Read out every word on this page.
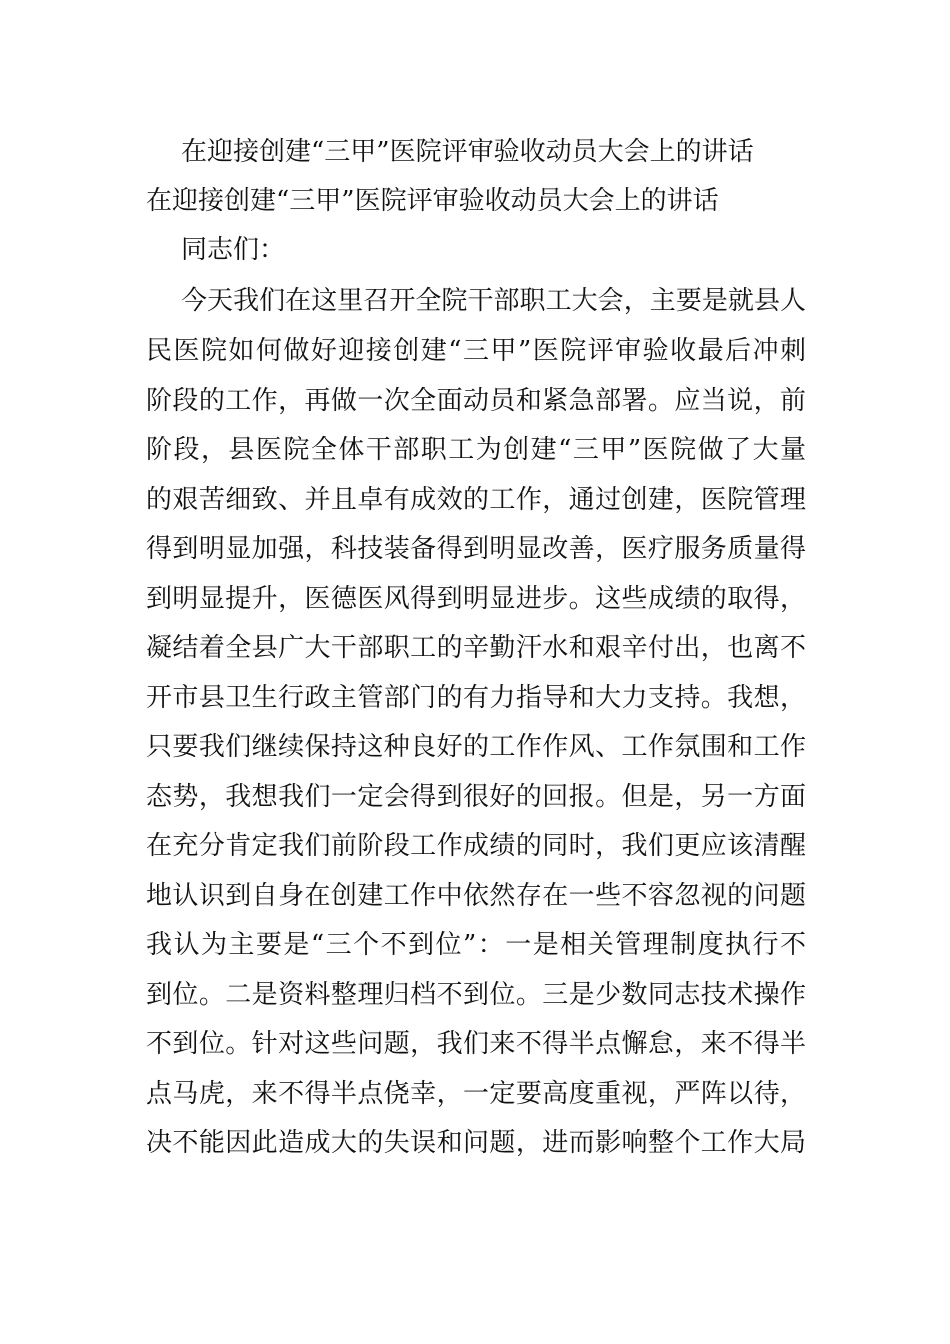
在迎接创建“三甲”医院评审验收动员大会上的讲话
在迎接创建“三甲”医院评审验收动员大会上的讲话
同志们：
今天我们在这里召开全院干部职工大会，主要是就县人
民医院如何做好迎接创建“三甲”医院评审验收最后冲刺
阶段的工作，再做一次全面动员和紧急部署。应当说，前
阶段，县医院全体干部职工为创建“三甲”医院做了大量
的艰苦细致、并且卓有成效的工作，通过创建，医院管理
得到明显加强，科技装备得到明显改善，医疗服务质量得
到明显提升，医德医风得到明显进步。这些成绩的取得，
凝结着全县广大干部职工的辛勤汗水和艰辛付出，也离不
开市县卫生行政主管部门的有力指导和大力支持。我想，
只要我们继续保持这种良好的工作作风、工作氛围和工作
态势，我想我们一定会得到很好的回报。但是，另一方面
在充分肯定我们前阶段工作成绩的同时，我们更应该清醒
地认识到自身在创建工作中依然存在一些不容忽视的问题
我认为主要是“三个不到位”：一是相关管理制度执行不
到位。二是资料整理归档不到位。三是少数同志技术操作
不到位。针对这些问题，我们来不得半点懈怠，来不得半
点马虎，来不得半点侥幸，一定要高度重视，严阵以待，
决不能因此造成大的失误和问题，进而影响整个工作大局
